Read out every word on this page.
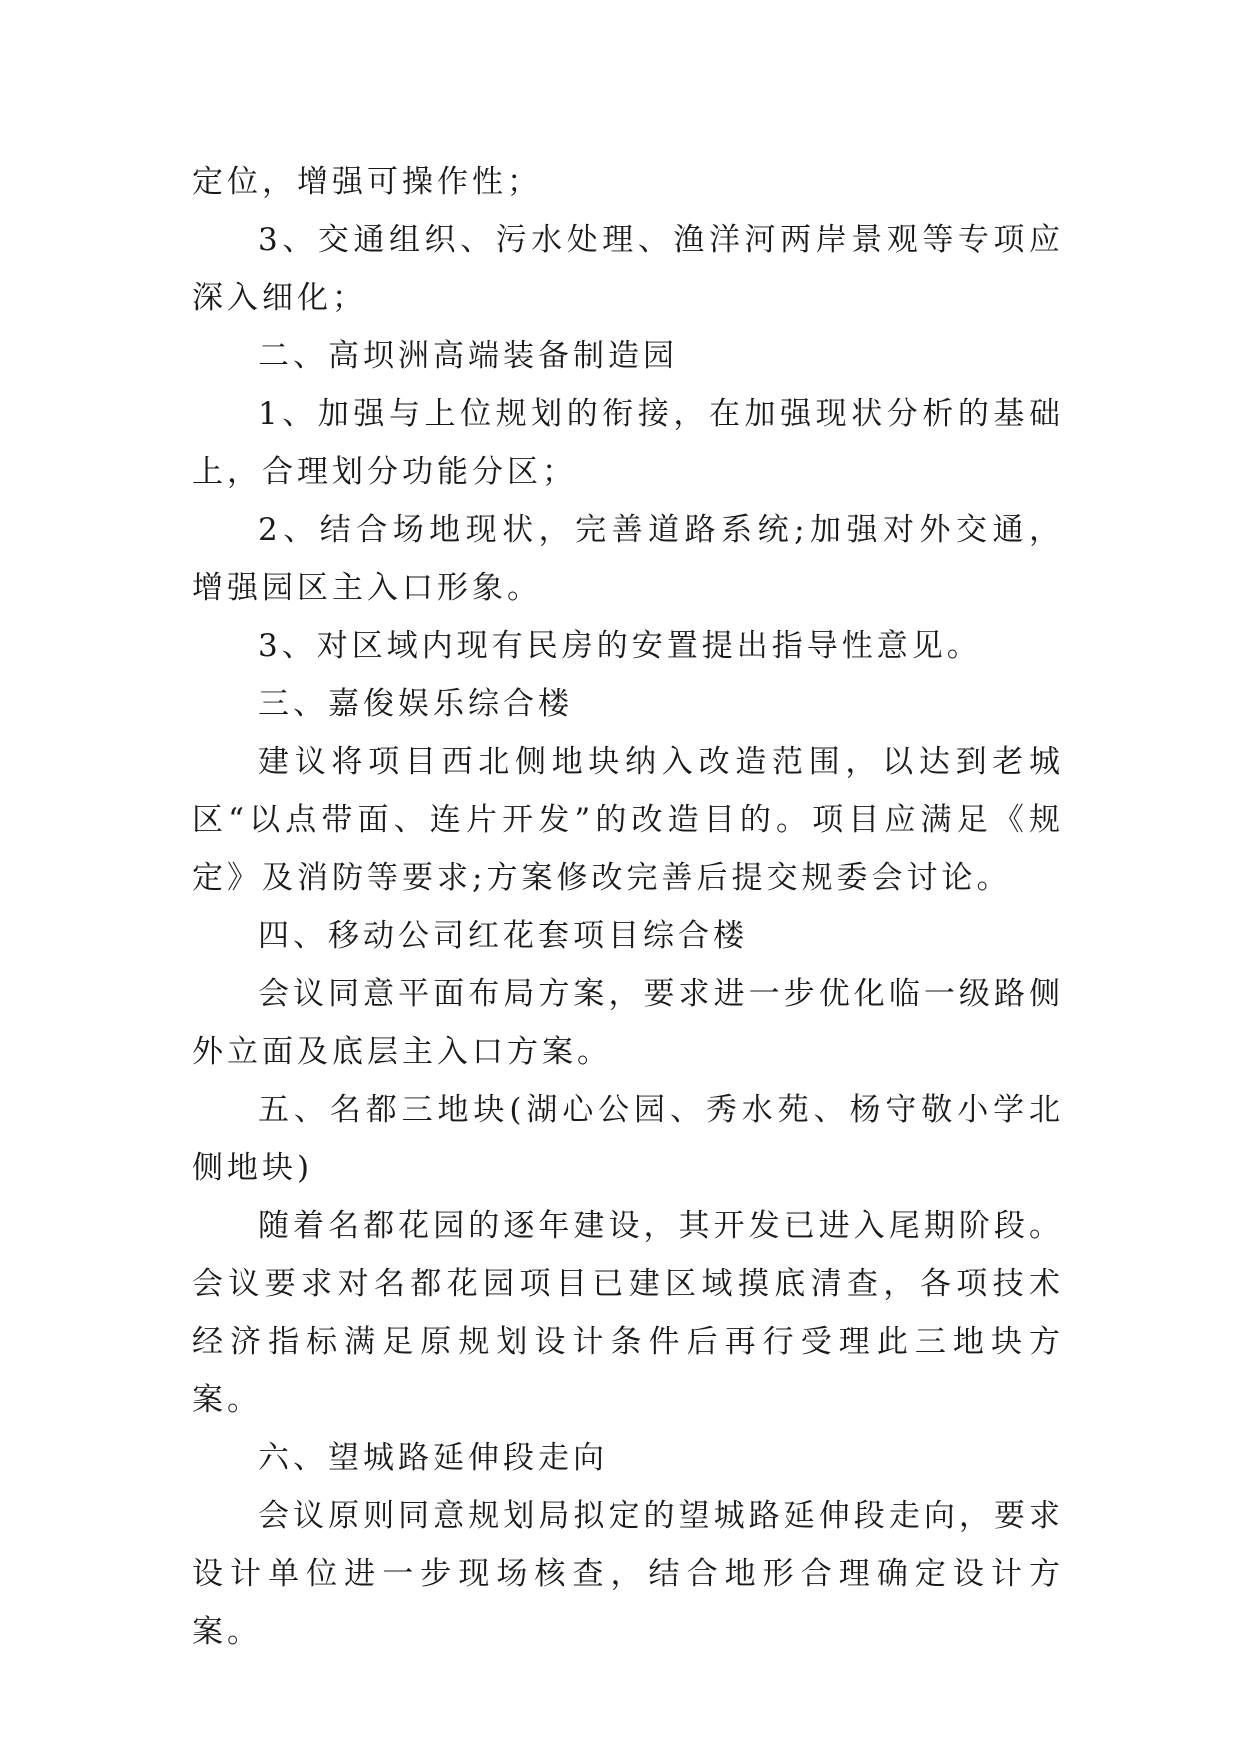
定位，增强可操作性；

3、交通组织、污水处理、渔洋河两岸景观等专项应深入细化；

二、高坝洲高端装备制造园

1、加强与上位规划的衔接，在加强现状分析的基础上，合理划分功能分区；

2、结合场地现状，完善道路系统;加强对外交通，增强园区主入口形象。

3、对区域内现有民房的安置提出指导性意见。

三、嘉俊娱乐综合楼

建议将项目西北侧地块纳入改造范围，以达到老城区“以点带面、连片开发”的改造目的。项目应满足《规定》及消防等要求;方案修改完善后提交规委会讨论。

四、移动公司红花套项目综合楼

会议同意平面布局方案，要求进一步优化临一级路侧外立面及底层主入口方案。

五、名都三地块(湖心公园、秀水苑、杨守敬小学北侧地块)

随着名都花园的逐年建设，其开发已进入尾期阶段。会议要求对名都花园项目已建区域摸底清查，各项技术经济指标满足原规划设计条件后再行受理此三地块方案。

六、望城路延伸段走向

会议原则同意规划局拟定的望城路延伸段走向，要求设计单位进一步现场核查，结合地形合理确定设计方案。
